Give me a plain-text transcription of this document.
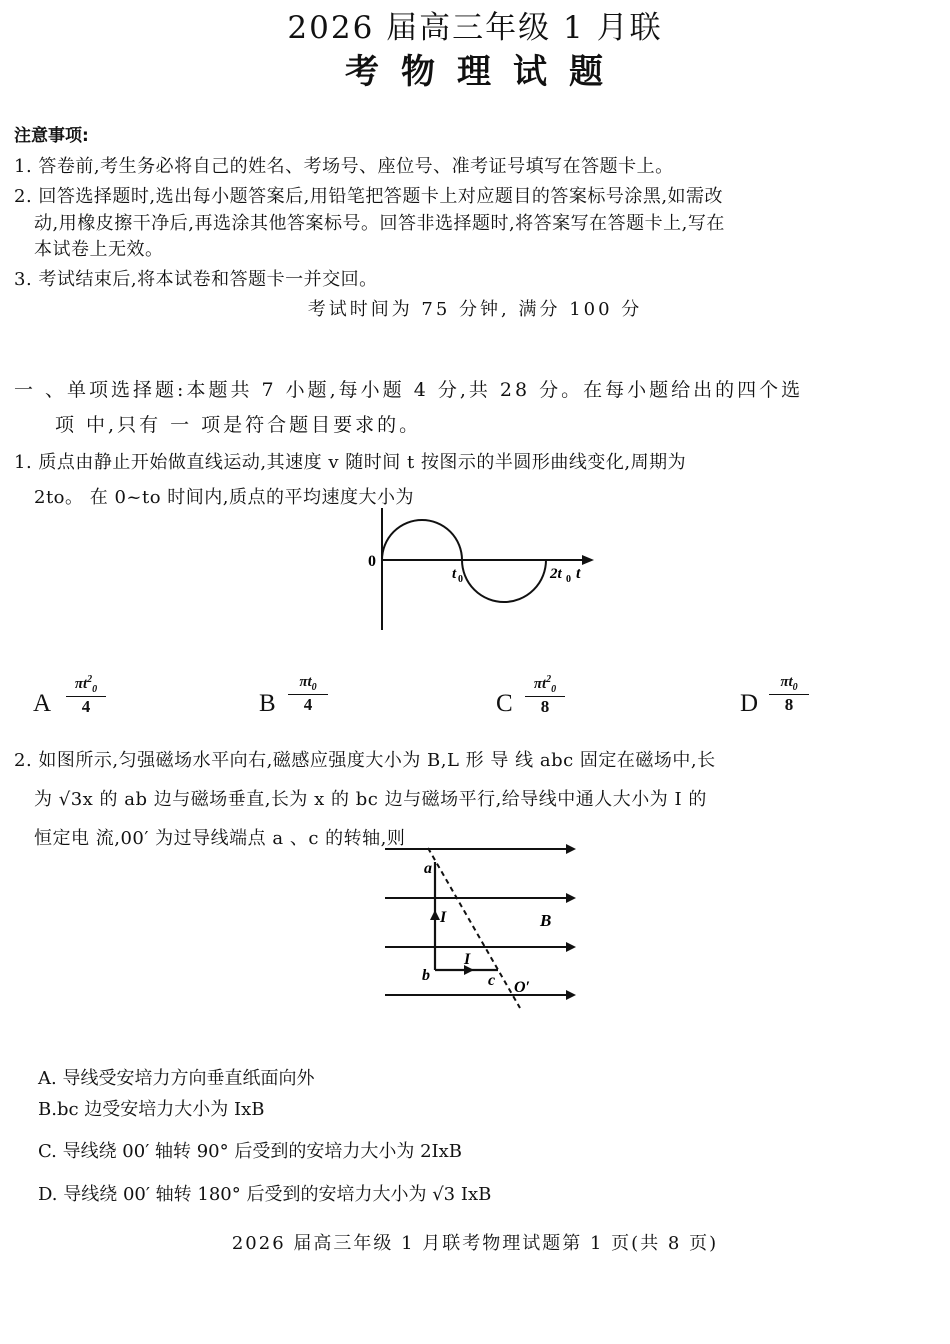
2026 届高三年级 1 月联
考物理试题
注意事项:
1. 答卷前,考生务必将自己的姓名、考场号、座位号、准考证号填写在答题卡上。
2. 回答选择题时,选出每小题答案后,用铅笔把答题卡上对应题目的答案标号涂黑,如需改
动,用橡皮擦干净后,再选涂其他答案标号。回答非选择题时,将答案写在答题卡上,写在
本试卷上无效。
3. 考试结束后,将本试卷和答题卡一并交回。
考试时间为 75 分钟, 满分 100 分
一 、单项选择题:本题共 7 小题,每小题 4 分,共 28 分。在每小题给出的四个选
项 中,只有 一 项是符合题目要求的。
1. 质点由静止开始做直线运动,其速度 v 随时间 t 按图示的半圆形曲线变化,周期为
2to。 在 0~to 时间内,质点的平均速度大小为
0
t 0	2t 0 t
A $\frac{\pi t^2_0}{4}$	B $\frac{\pi t_0}{4}$	C $\frac{\pi t^2_0}{8}$	D $\frac{\pi t_0}{8}$
2. 如图所示,匀强磁场水平向右,磁感应强度大小为 B,L 形 导 线 abc 固定在磁场中,长
为 √3x 的 ab 边与磁场垂直,长为 x 的 bc 边与磁场平行,给导线中通人大小为 I 的
恒定电 流,00′ 为过导线端点 a 、c 的转轴,则
a
b	c
I
I
B
O′
A. 导线受安培力方向垂直纸面向外
B.bc 边受安培力大小为 IxB
C. 导线绕 00′ 轴转 90° 后受到的安培力大小为 2IxB
D. 导线绕 00′ 轴转 180° 后受到的安培力大小为 √3 IxB
2026 届高三年级 1 月联考物理试题第 1 页(共 8 页)
